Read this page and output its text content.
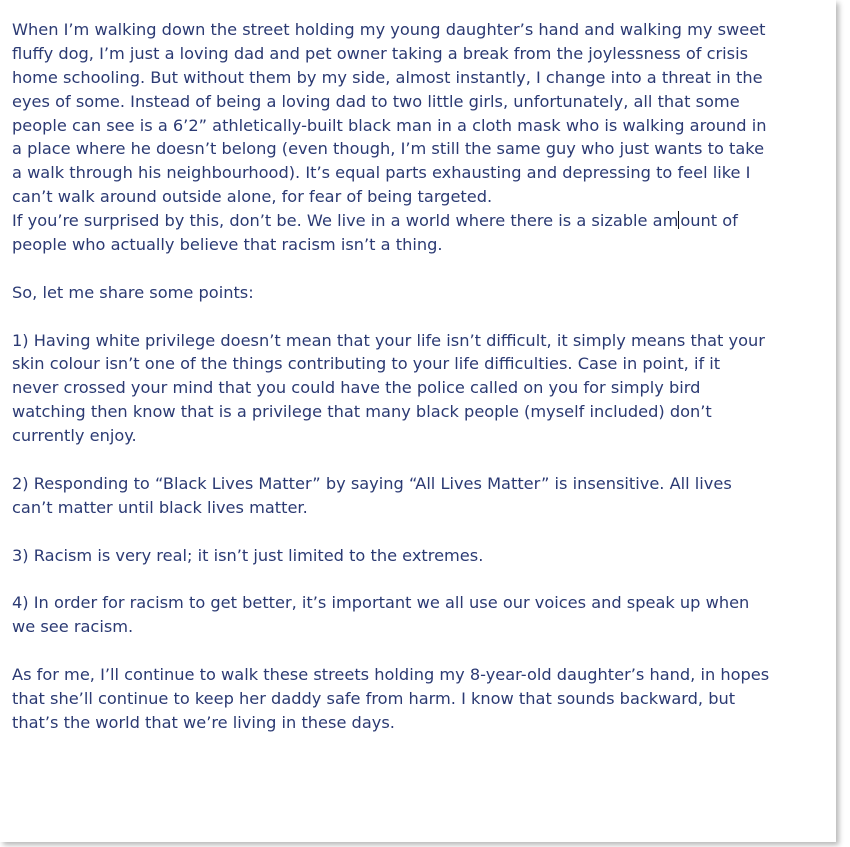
When I’m walking down the street holding my young daughter’s hand and walking my sweet
fluffy dog, I’m just a loving dad and pet owner taking a break from the joylessness of crisis
home schooling. But without them by my side, almost instantly, I change into a threat in the
eyes of some. Instead of being a loving dad to two little girls, unfortunately, all that some
people can see is a 6’2” athletically-built black man in a cloth mask who is walking around in
a place where he doesn’t belong (even though, I’m still the same guy who just wants to take
a walk through his neighbourhood). It’s equal parts exhausting and depressing to feel like I
can’t walk around outside alone, for fear of being targeted.
If you’re surprised by this, don’t be. We live in a world where there is a sizable am ount of
people who actually believe that racism isn’t a thing.
So, let me share some points:
1) Having white privilege doesn’t mean that your life isn’t difficult, it simply means that your
skin colour isn’t one of the things contributing to your life difficulties. Case in point, if it
never crossed your mind that you could have the police called on you for simply bird
watching then know that is a privilege that many black people (myself included) don’t
currently enjoy.
2) Responding to “Black Lives Matter” by saying “All Lives Matter” is insensitive. All lives
can’t matter until black lives matter.
3) Racism is very real; it isn’t just limited to the extremes.
4) In order for racism to get better, it’s important we all use our voices and speak up when
we see racism.
As for me, I’ll continue to walk these streets holding my 8-year-old daughter’s hand, in hopes
that she’ll continue to keep her daddy safe from harm. I know that sounds backward, but
that’s the world that we’re living in these days.
